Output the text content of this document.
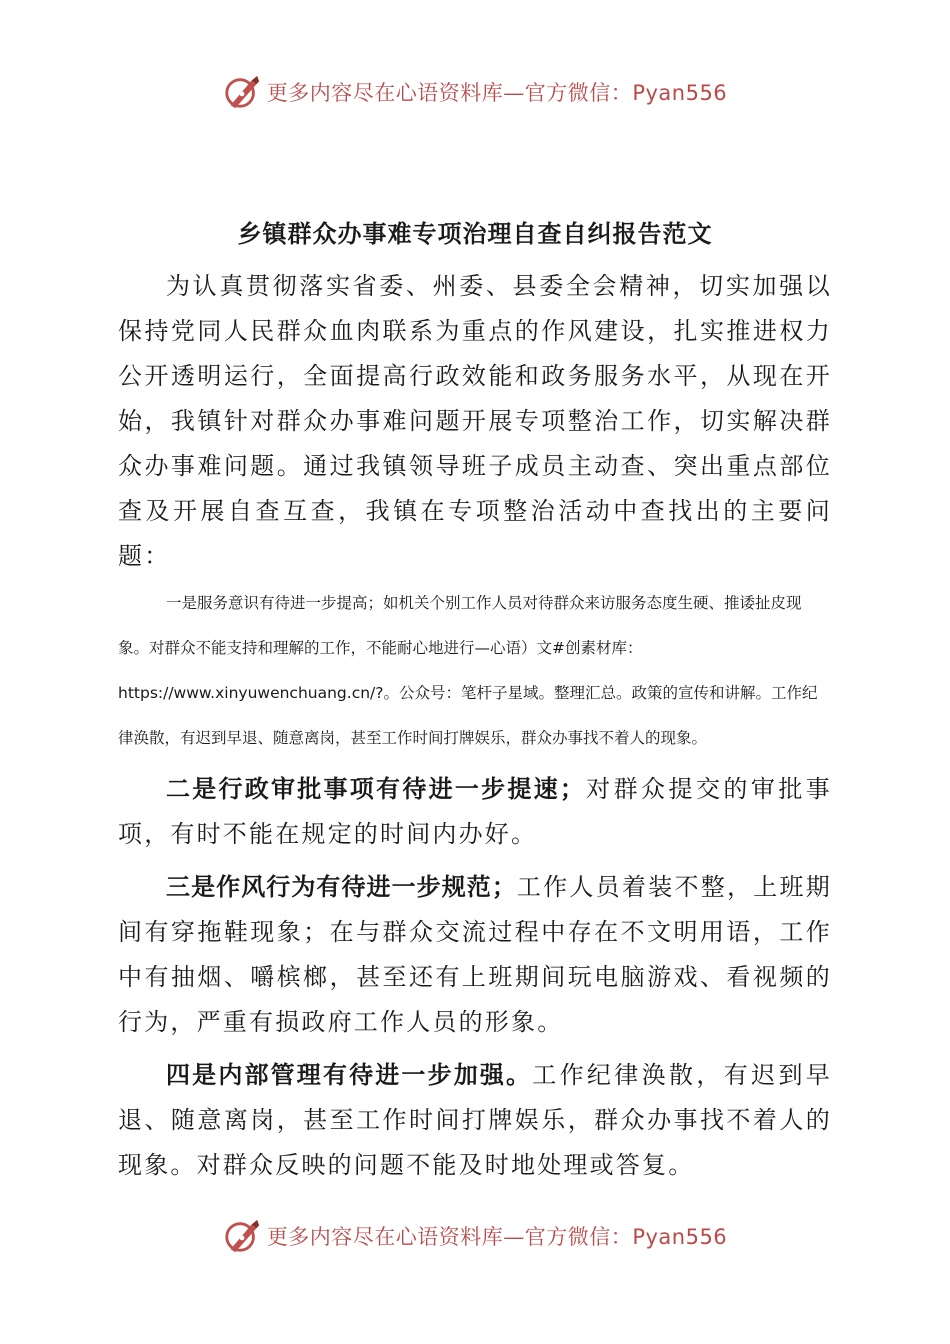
更多内容尽在心语资料库—官方微信：Pyan556
乡镇群众办事难专项治理自查自纠报告范文

为认真贯彻落实省委、州委、县委全会精神，切实加强以保持党同人民群众血肉联系为重点的作风建设，扎实推进权力公开透明运行，全面提高行政效能和政务服务水平，从现在开始，我镇针对群众办事难问题开展专项整治工作，切实解决群众办事难问题。通过我镇领导班子成员主动查、突出重点部位查及开展自查互查，我镇在专项整治活动中查找出的主要问题：

一是服务意识有待进一步提高；如机关个别工作人员对待群众来访服务态度生硬、推诿扯皮现象。对群众不能支持和理解的工作，不能耐心地进行—心语）文#创素材库：https://www.xinyuwenchuang.cn/?。公众号：笔杆子星域。整理汇总。政策的宣传和讲解。工作纪律涣散，有迟到早退、随意离岗，甚至工作时间打牌娱乐，群众办事找不着人的现象。

二是行政审批事项有待进一步提速；对群众提交的审批事项，有时不能在规定的时间内办好。

三是作风行为有待进一步规范；工作人员着装不整，上班期间有穿拖鞋现象；在与群众交流过程中存在不文明用语，工作中有抽烟、嚼槟榔，甚至还有上班期间玩电脑游戏、看视频的行为，严重有损政府工作人员的形象。

四是内部管理有待进一步加强。工作纪律涣散，有迟到早退、随意离岗，甚至工作时间打牌娱乐，群众办事找不着人的现象。对群众反映的问题不能及时地处理或答复。

更多内容尽在心语资料库—官方微信：Pyan556
